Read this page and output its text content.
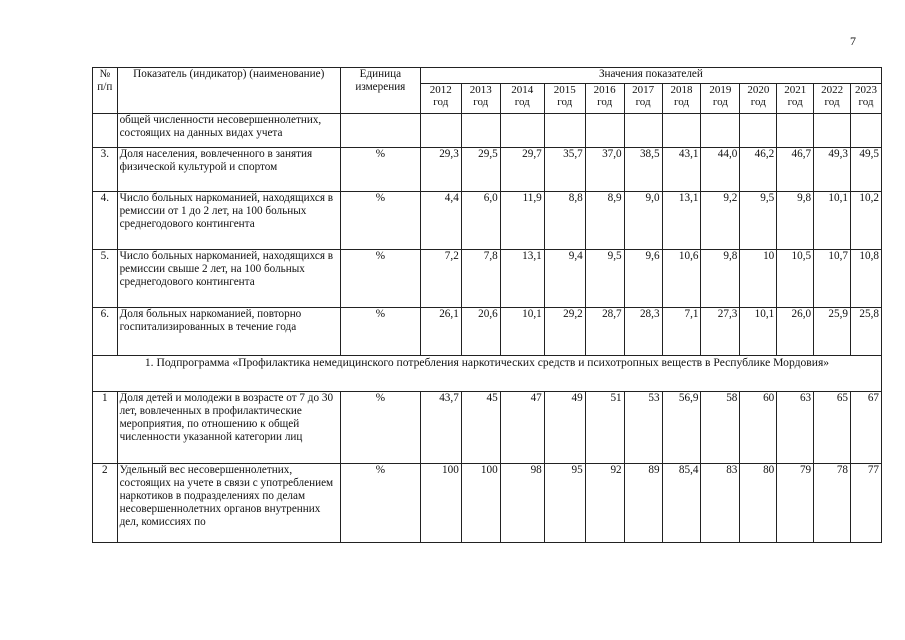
7
№ п/п	Показатель (индикатор) (наименование)	Единица измерения	Значения показателей											
			2012 год	2013 год	2014 год	2015 год	2016 год	2017 год	2018 год	2019 год	2020 год	2021 год	2022 год	2023 год
	общей численности несовершеннолетних, состоящих на данных видах учета													
3.	Доля населения, вовлеченного в занятия физической культурой и спортом	%	29,3	29,5	29,7	35,7	37,0	38,5	43,1	44,0	46,2	46,7	49,3	49,5
4.	Число больных наркоманией, находящихся в ремиссии от 1 до 2 лет, на 100 больных среднегодового контингента	%	4,4	6,0	11,9	8,8	8,9	9,0	13,1	9,2	9,5	9,8	10,1	10,2
5.	Число больных наркоманией, находящихся в ремиссии свыше 2 лет, на 100 больных среднегодового контингента	%	7,2	7,8	13,1	9,4	9,5	9,6	10,6	9,8	10	10,5	10,7	10,8
6.	Доля больных наркоманией, повторно госпитализированных в течение года	%	26,1	20,6	10,1	29,2	28,7	28,3	7,1	27,3	10,1	26,0	25,9	25,8
1. Подпрограмма «Профилактика немедицинского потребления наркотических средств и психотропных веществ в Республике Мордовия»														
1	Доля детей и молодежи в возрасте от 7 до 30 лет, вовлеченных в профилактические мероприятия, по отношению к общей численности указанной категории лиц	%	43,7	45	47	49	51	53	56,9	58	60	63	65	67
2	Удельный вес несовершеннолетних, состоящих на учете в связи с употреблением наркотиков в подразделениях по делам несовершеннолетних органов внутренних дел, комиссиях по	%	100	100	98	95	92	89	85,4	83	80	79	78	77
